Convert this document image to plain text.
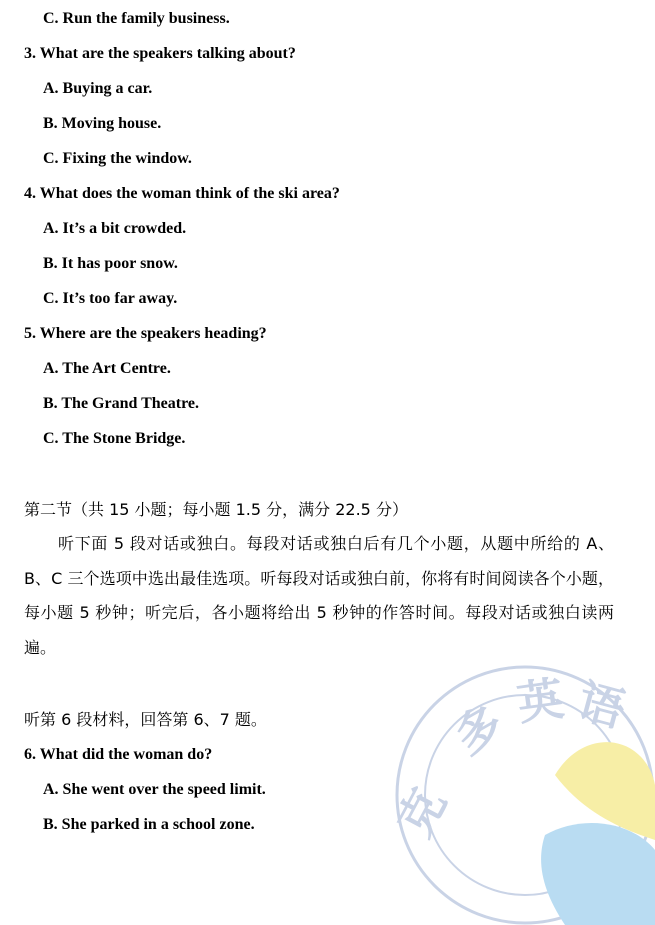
克
多 英 语
C. Run the family business.
3. What are the speakers talking about?
A. Buying a car.
B. Moving house.
C. Fixing the window.
4. What does the woman think of the ski area?
A. It’s a bit crowded.
B. It has poor snow.
C. It’s too far away.
5. Where are the speakers heading?
A. The Art Centre.
B. The Grand Theatre.
C. The Stone Bridge.
第二节（共 15 小题；每小题 1.5 分，满分 22.5 分）
听下面 5 段对话或独白。每段对话或独白后有几个小题，从题中所给的 A、B、C 三个选项中选出最佳选项。听每段对话或独白前，你将有时间阅读各个小题，每小题 5 秒钟；听完后，各小题将给出 5 秒钟的作答时间。每段对话或独白读两遍。
听第 6 段材料，回答第 6、7 题。
6. What did the woman do?
A. She went over the speed limit.
B. She parked in a school zone.
